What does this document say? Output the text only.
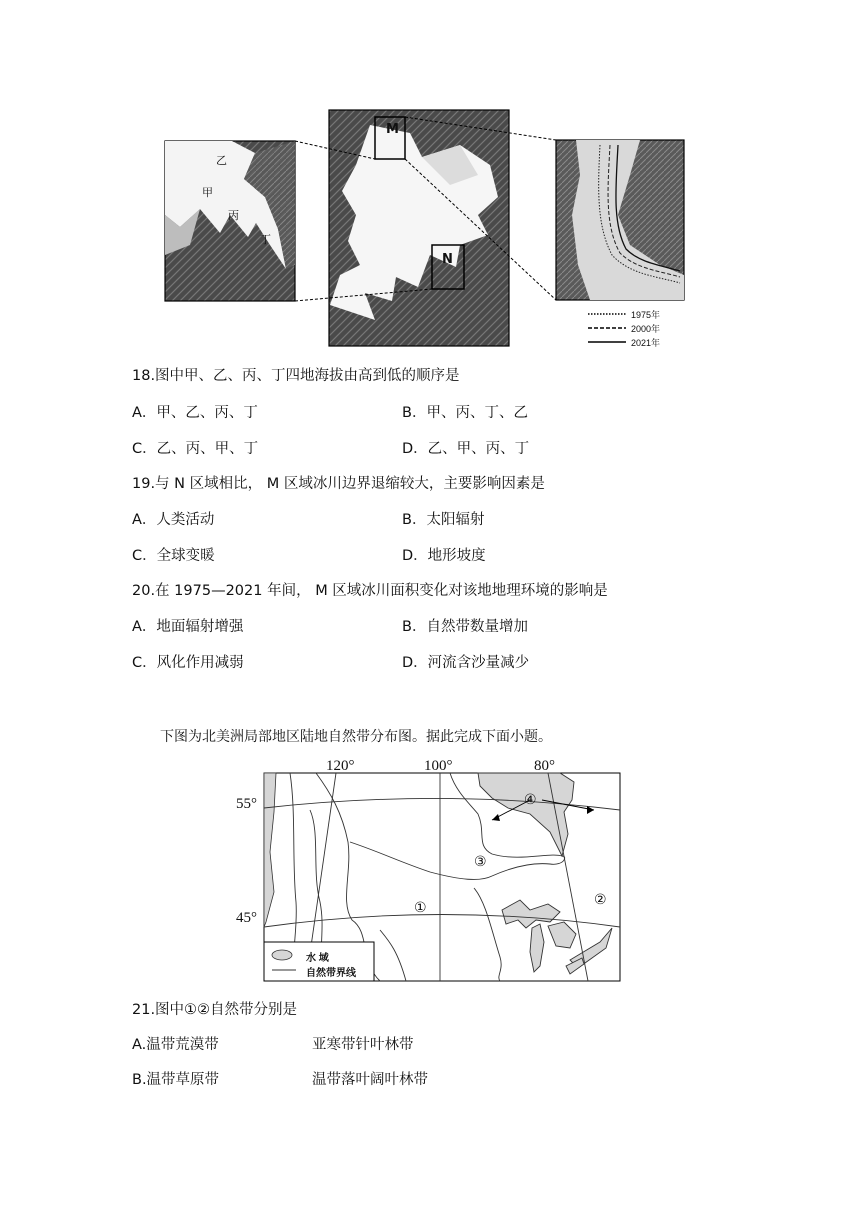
乙
甲
丙
丁
M
N
1975年
2000年
2021年
18.图中甲、乙、丙、丁四地海拔由高到低的顺序是
A．甲、乙、丙、丁	B．甲、丙、丁、乙
C．乙、丙、甲、丁	D．乙、甲、丙、丁
19.与 N 区域相比， M 区域冰川边界退缩较大，主要影响因素是
A．人类活动	B．太阳辐射
C．全球变暖	D．地形坡度
20.在 1975—2021 年间， M 区域冰川面积变化对该地地理环境的影响是
A．地面辐射增强	B．自然带数量增加
C．风化作用减弱	D．河流含沙量减少
下图为北美洲局部地区陆地自然带分布图。据此完成下面小题。
120°	100°	80°
55°
45°
①	②
③
④
水 域
自然带界线
21.图中①②自然带分别是
A.温带荒漠带	亚寒带针叶林带
B.温带草原带	温带落叶阔叶林带
